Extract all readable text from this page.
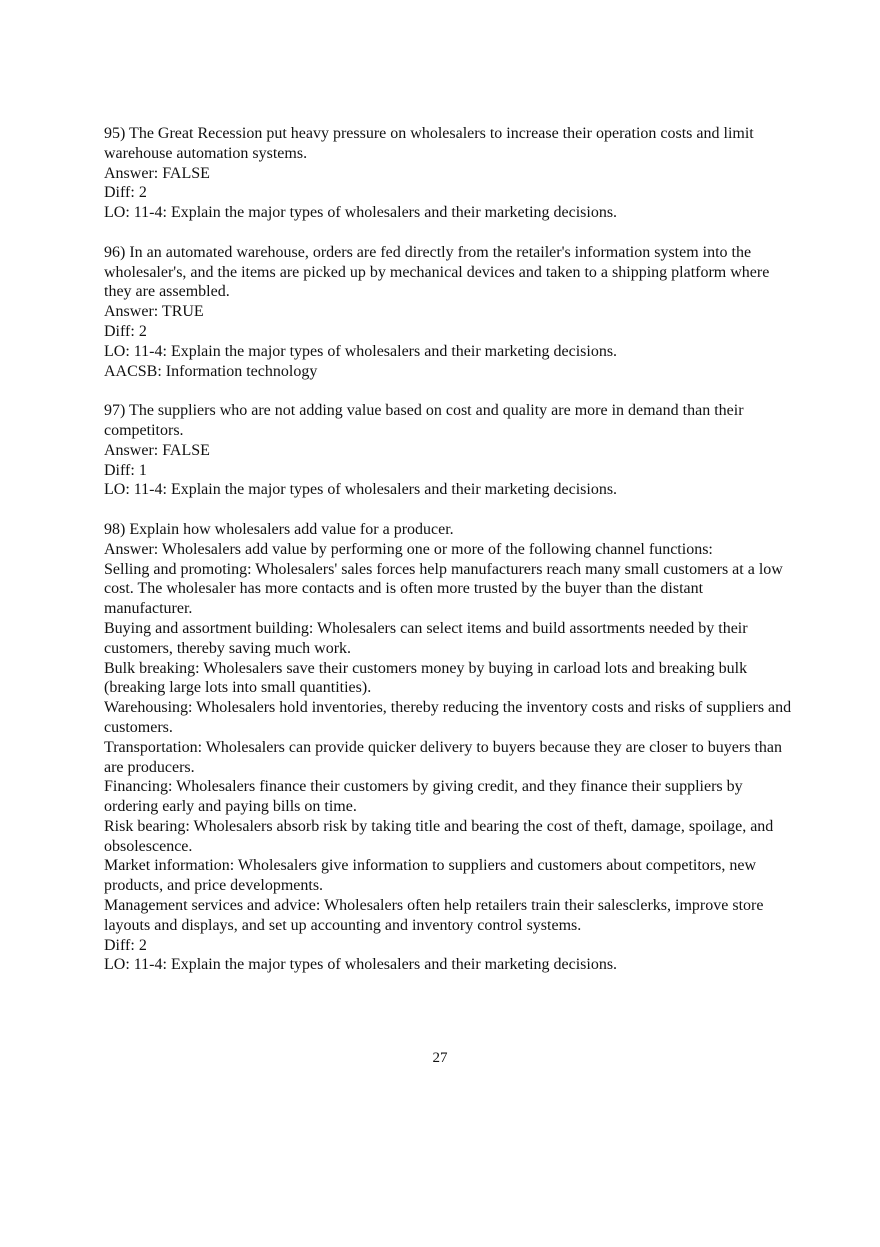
95) The Great Recession put heavy pressure on wholesalers to increase their operation costs and limit warehouse automation systems.
Answer: FALSE
Diff: 2
LO: 11-4: Explain the major types of wholesalers and their marketing decisions.
96) In an automated warehouse, orders are fed directly from the retailer's information system into the wholesaler's, and the items are picked up by mechanical devices and taken to a shipping platform where they are assembled.
Answer: TRUE
Diff: 2
LO: 11-4: Explain the major types of wholesalers and their marketing decisions.
AACSB: Information technology
97) The suppliers who are not adding value based on cost and quality are more in demand than their competitors.
Answer: FALSE
Diff: 1
LO: 11-4: Explain the major types of wholesalers and their marketing decisions.
98) Explain how wholesalers add value for a producer.
Answer: Wholesalers add value by performing one or more of the following channel functions:
Selling and promoting: Wholesalers' sales forces help manufacturers reach many small customers at a low cost. The wholesaler has more contacts and is often more trusted by the buyer than the distant manufacturer.
Buying and assortment building: Wholesalers can select items and build assortments needed by their customers, thereby saving much work.
Bulk breaking: Wholesalers save their customers money by buying in carload lots and breaking bulk (breaking large lots into small quantities).
Warehousing: Wholesalers hold inventories, thereby reducing the inventory costs and risks of suppliers and customers.
Transportation: Wholesalers can provide quicker delivery to buyers because they are closer to buyers than are producers.
Financing: Wholesalers finance their customers by giving credit, and they finance their suppliers by ordering early and paying bills on time.
Risk bearing: Wholesalers absorb risk by taking title and bearing the cost of theft, damage, spoilage, and obsolescence.
Market information: Wholesalers give information to suppliers and customers about competitors, new products, and price developments.
Management services and advice: Wholesalers often help retailers train their salesclerks, improve store layouts and displays, and set up accounting and inventory control systems.
Diff: 2
LO: 11-4: Explain the major types of wholesalers and their marketing decisions.
27
